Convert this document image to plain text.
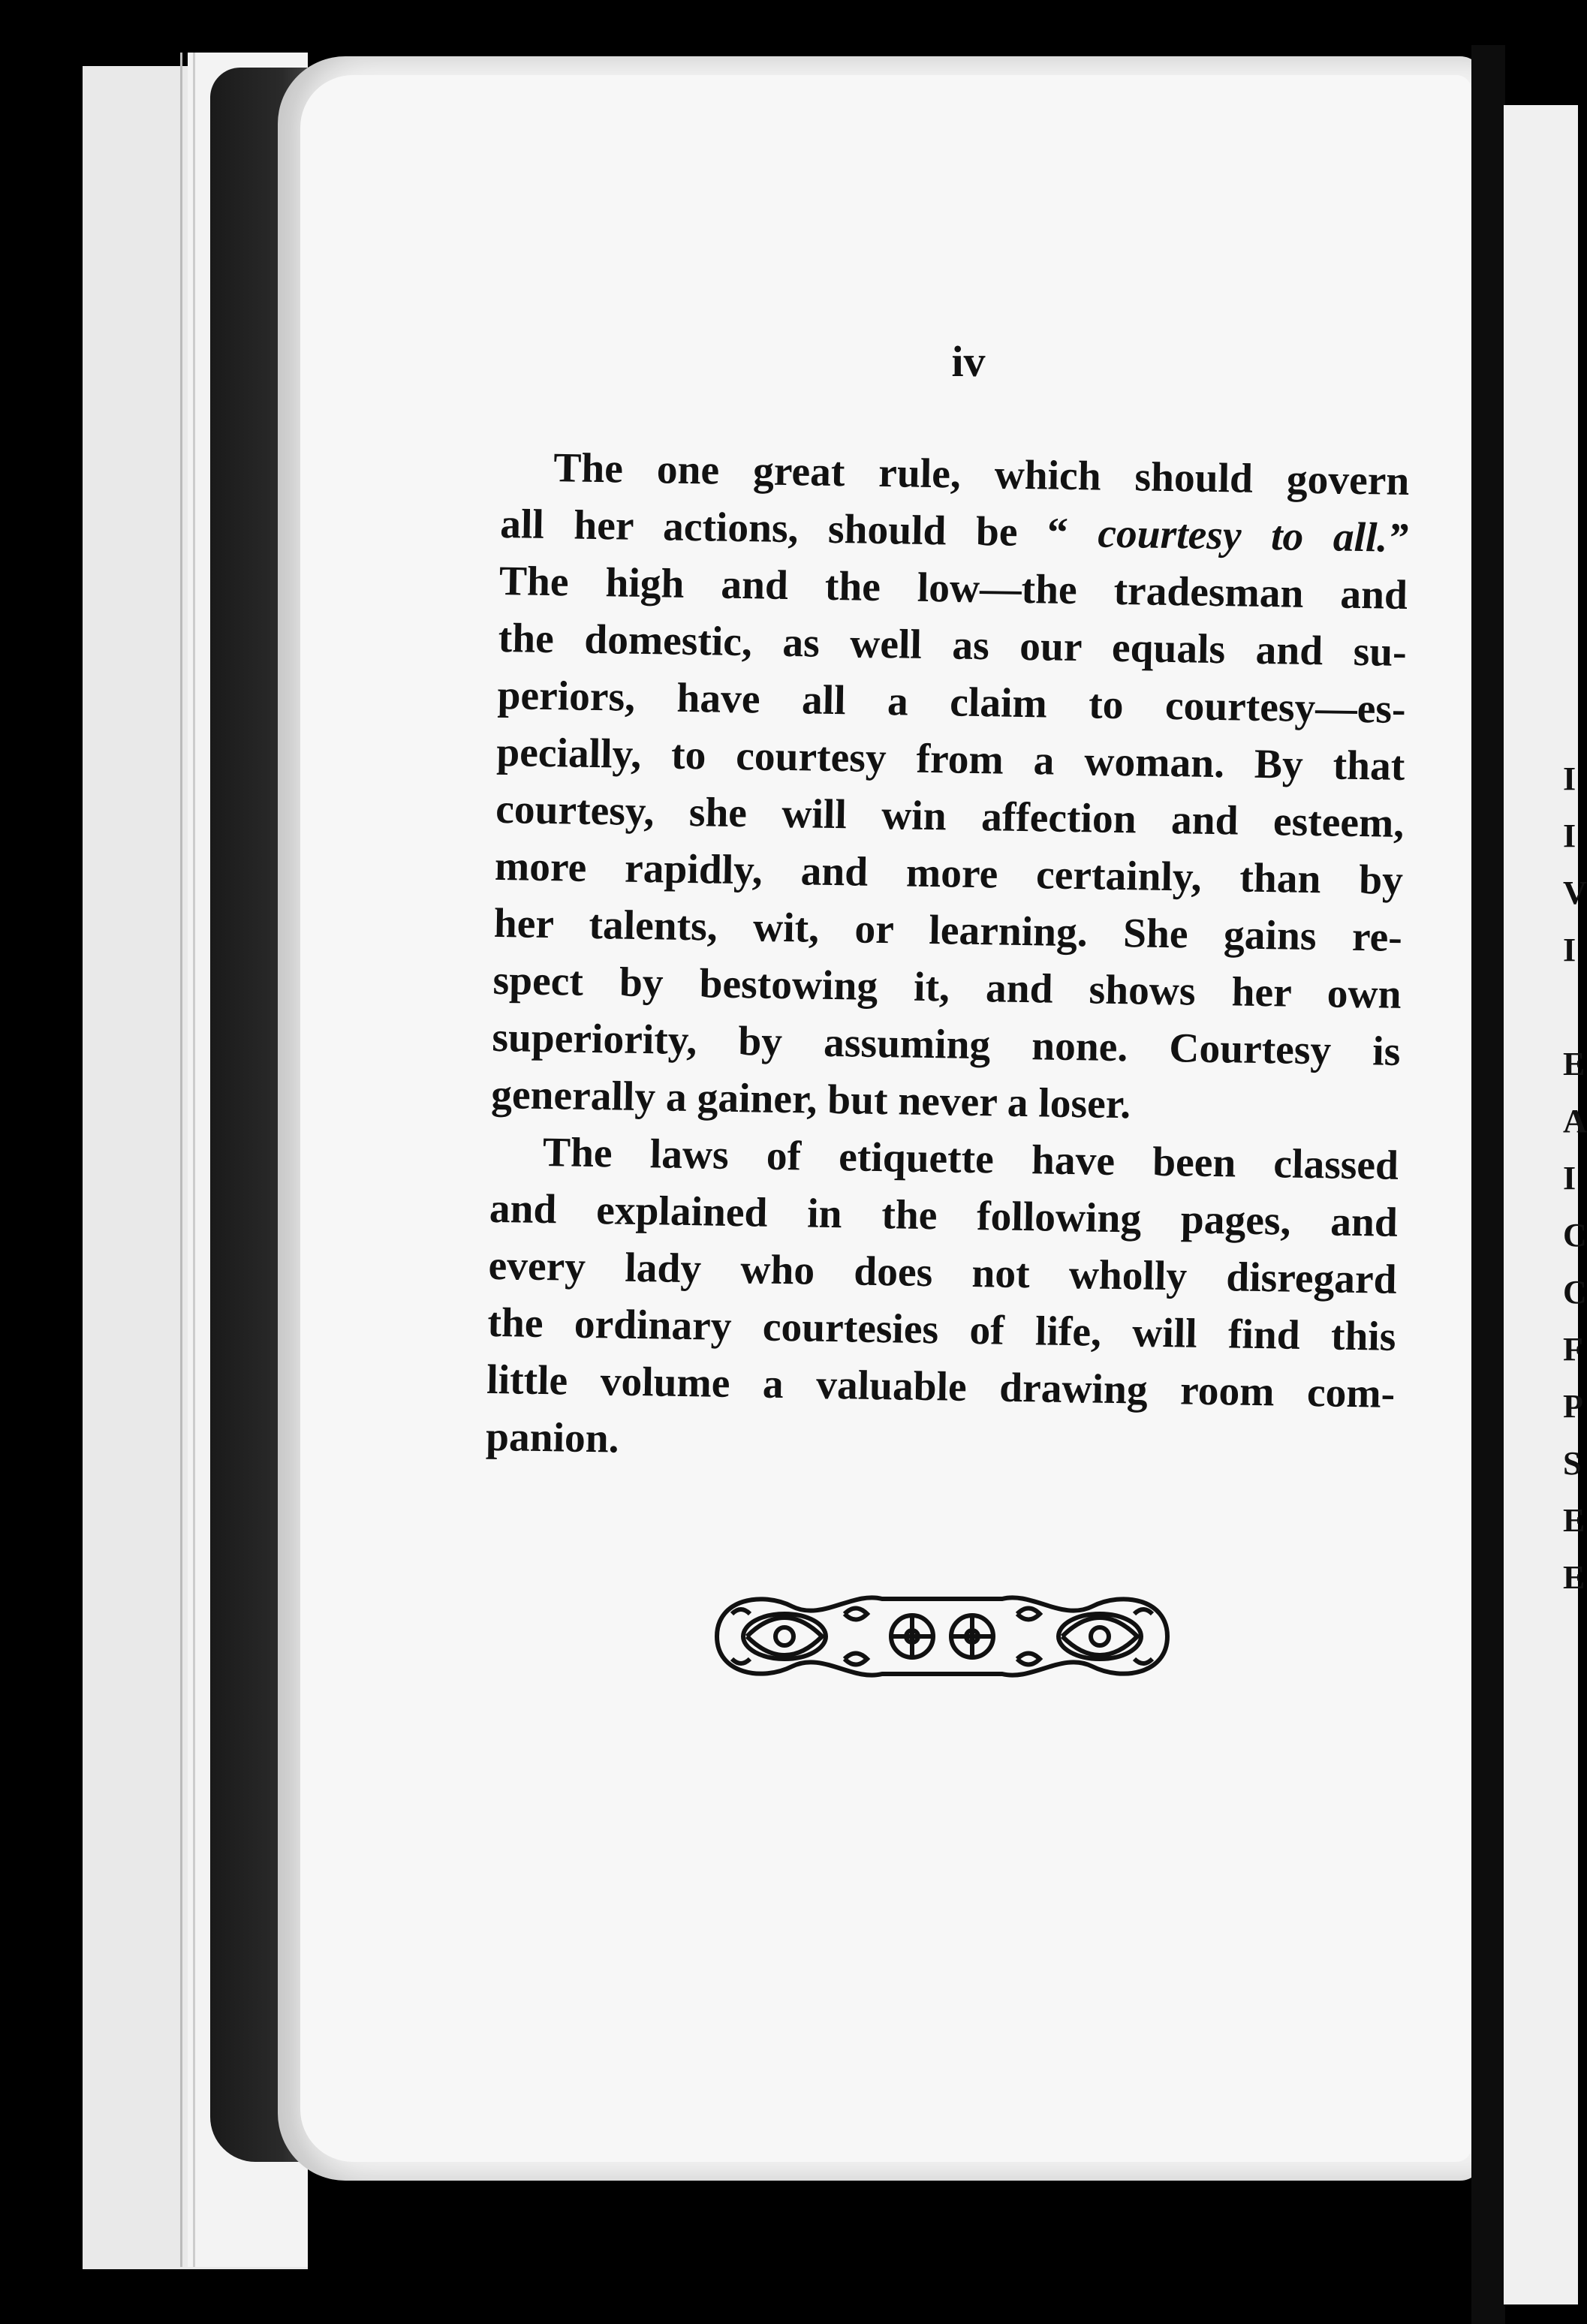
I
I
V
I

E
A
I
C
C
F
P
S
E
E
iv
The one great rule, which should govern
all her actions, should be “ courtesy to all.”
The high and the low—the tradesman and
the domestic, as well as our equals and su-
periors, have all a claim to courtesy—es-
pecially, to courtesy from a woman. By that
courtesy, she will win affection and esteem,
more rapidly, and more certainly, than by
her talents, wit, or learning. She gains re-
spect by bestowing it, and shows her own
superiority, by assuming none. Courtesy is
generally a gainer, but never a loser.
The laws of etiquette have been classed
and explained in the following pages, and
every lady who does not wholly disregard
the ordinary courtesies of life, will find this
little volume a valuable drawing room com-
panion.
